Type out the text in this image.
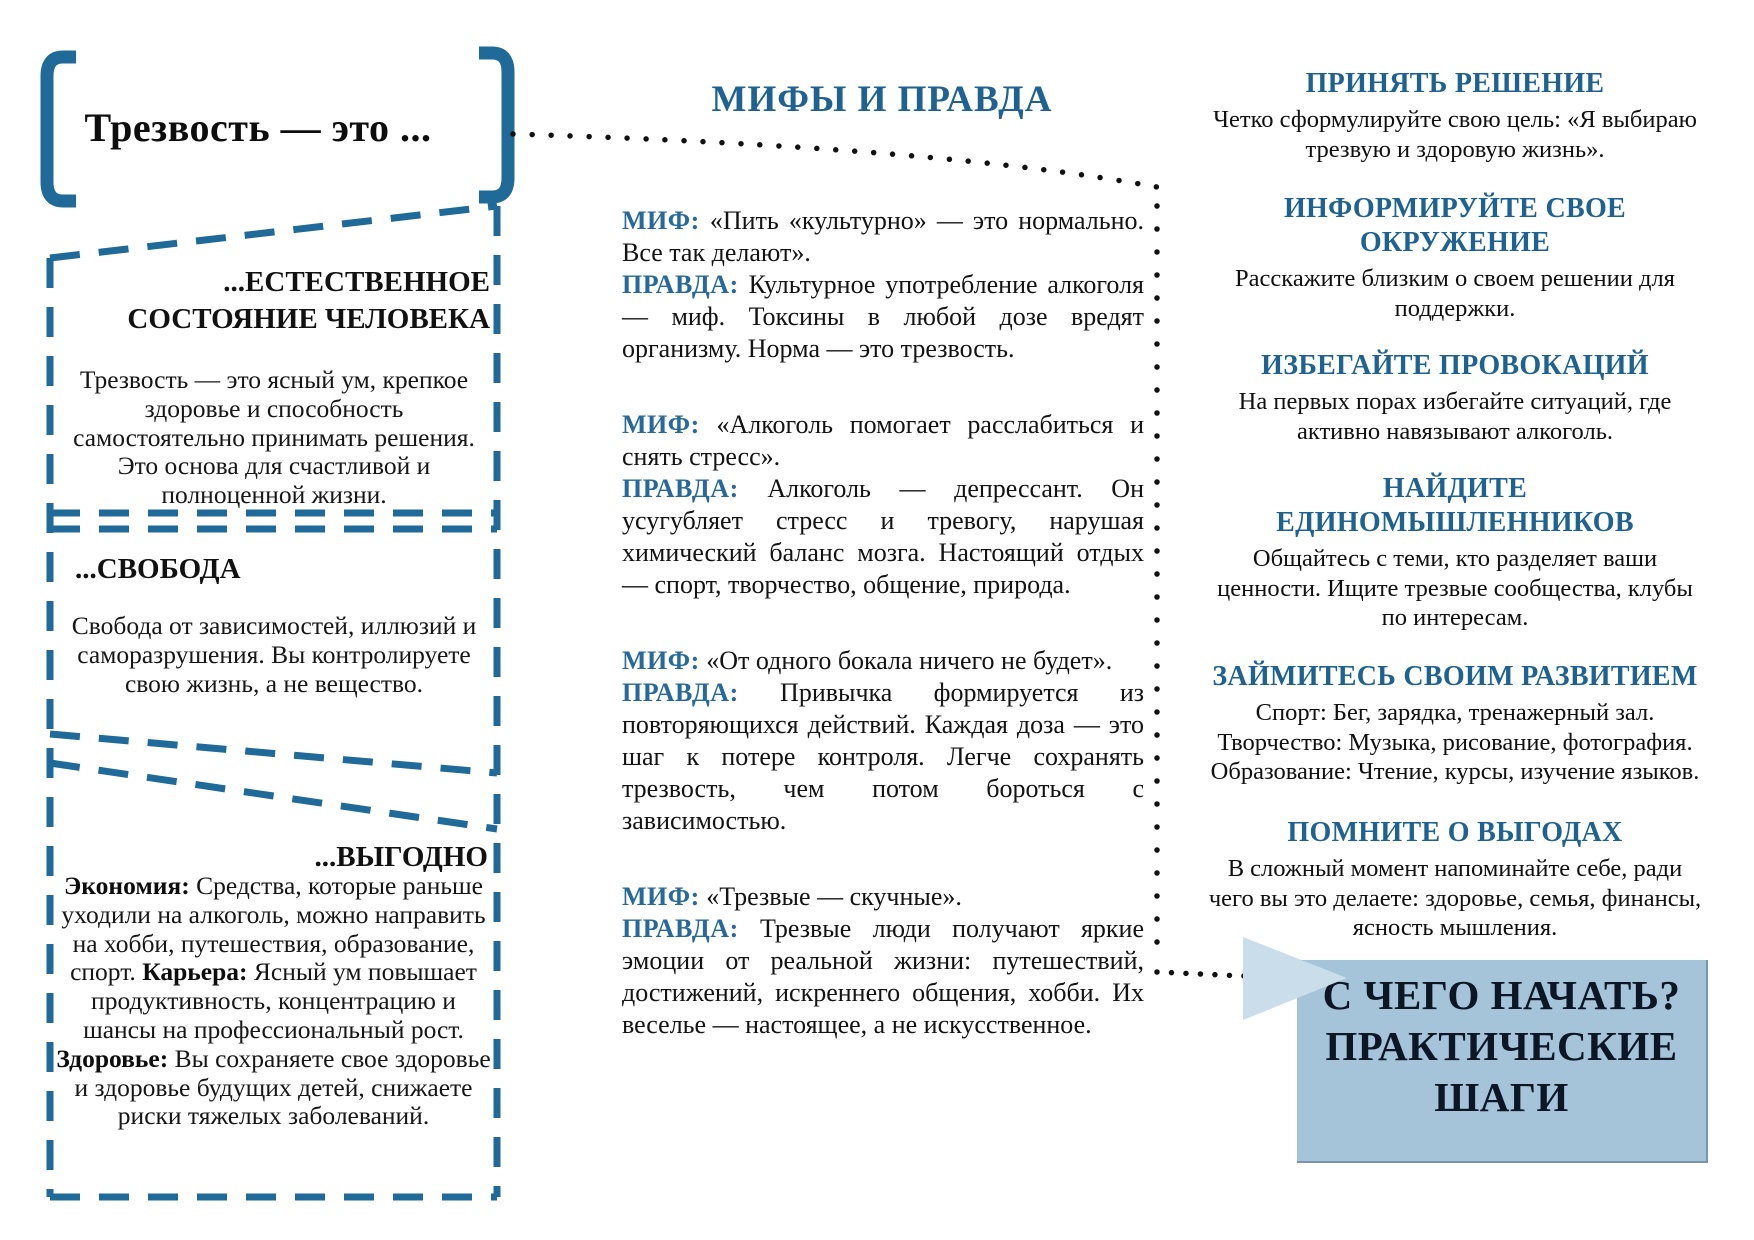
Трезвость — это ...
...ЕСТЕСТВЕННОЕ
СОСТОЯНИЕ ЧЕЛОВЕКА
Трезвость — это ясный ум, крепкое здоровье и способность самостоятельно принимать решения. Это основа для счастливой и полноценной жизни.
...СВОБОДА
Свобода от зависимостей, иллюзий и саморазрушения. Вы контролируете свою жизнь, а не вещество.
...ВЫГОДНО

Экономия: Средства, которые раньше уходили на алкоголь, можно направить на хобби, путешествия, образование, спорт. Карьера: Ясный ум повышает продуктивность, концентрацию и шансы на профессиональный рост. Здоровье: Вы сохраняете свое здоровье и здоровье будущих детей, снижаете риски тяжелых заболеваний.

МИФЫ И ПРАВДА

МИФ: «Пить «культурно» — это нормально. Все так делают».

ПРАВДА: Культурное употребление алкоголя — миф. Токсины в любой дозе вредят организму. Норма — это трезвость.

МИФ: «Алкоголь помогает расслабиться и снять стресс».

ПРАВДА: Алкоголь — депрессант. Он усугубляет стресс и тревогу, нарушая химический баланс мозга. Настоящий отдых — спорт, творчество, общение, природа.

МИФ: «От одного бокала ничего не будет».

ПРАВДА: Привычка формируется из повторяющихся действий. Каждая доза — это шаг к потере контроля. Легче сохранять трезвость, чем потом бороться с зависимостью.

МИФ: «Трезвые — скучные».

ПРАВДА: Трезвые люди получают яркие эмоции от реальной жизни: путешествий, достижений, искреннего общения, хобби. Их веселье — настоящее, а не искусственное.

ПРИНЯТЬ РЕШЕНИЕ
Четко сформулируйте свою цель: «Я выбираю
трезвую и здоровую жизнь».
ИНФОРМИРУЙТЕ СВОЕ
ОКРУЖЕНИЕ
Расскажите близким о своем решении для
поддержки.
ИЗБЕГАЙТЕ ПРОВОКАЦИЙ
На первых порах избегайте ситуаций, где
активно навязывают алкоголь.
НАЙДИТЕ
ЕДИНОМЫШЛЕННИКОВ
Общайтесь с теми, кто разделяет ваши
ценности. Ищите трезвые сообщества, клубы
по интересам.
ЗАЙМИТЕСЬ СВОИМ РАЗВИТИЕМ
Спорт: Бег, зарядка, тренажерный зал.
Творчество: Музыка, рисование, фотография.
Образование: Чтение, курсы, изучение языков.
ПОМНИТЕ О ВЫГОДАХ
В сложный момент напоминайте себе, ради
чего вы это делаете: здоровье, семья, финансы,
ясность мышления.
С ЧЕГО НАЧАТЬ?
ПРАКТИЧЕСКИЕ
ШАГИ
